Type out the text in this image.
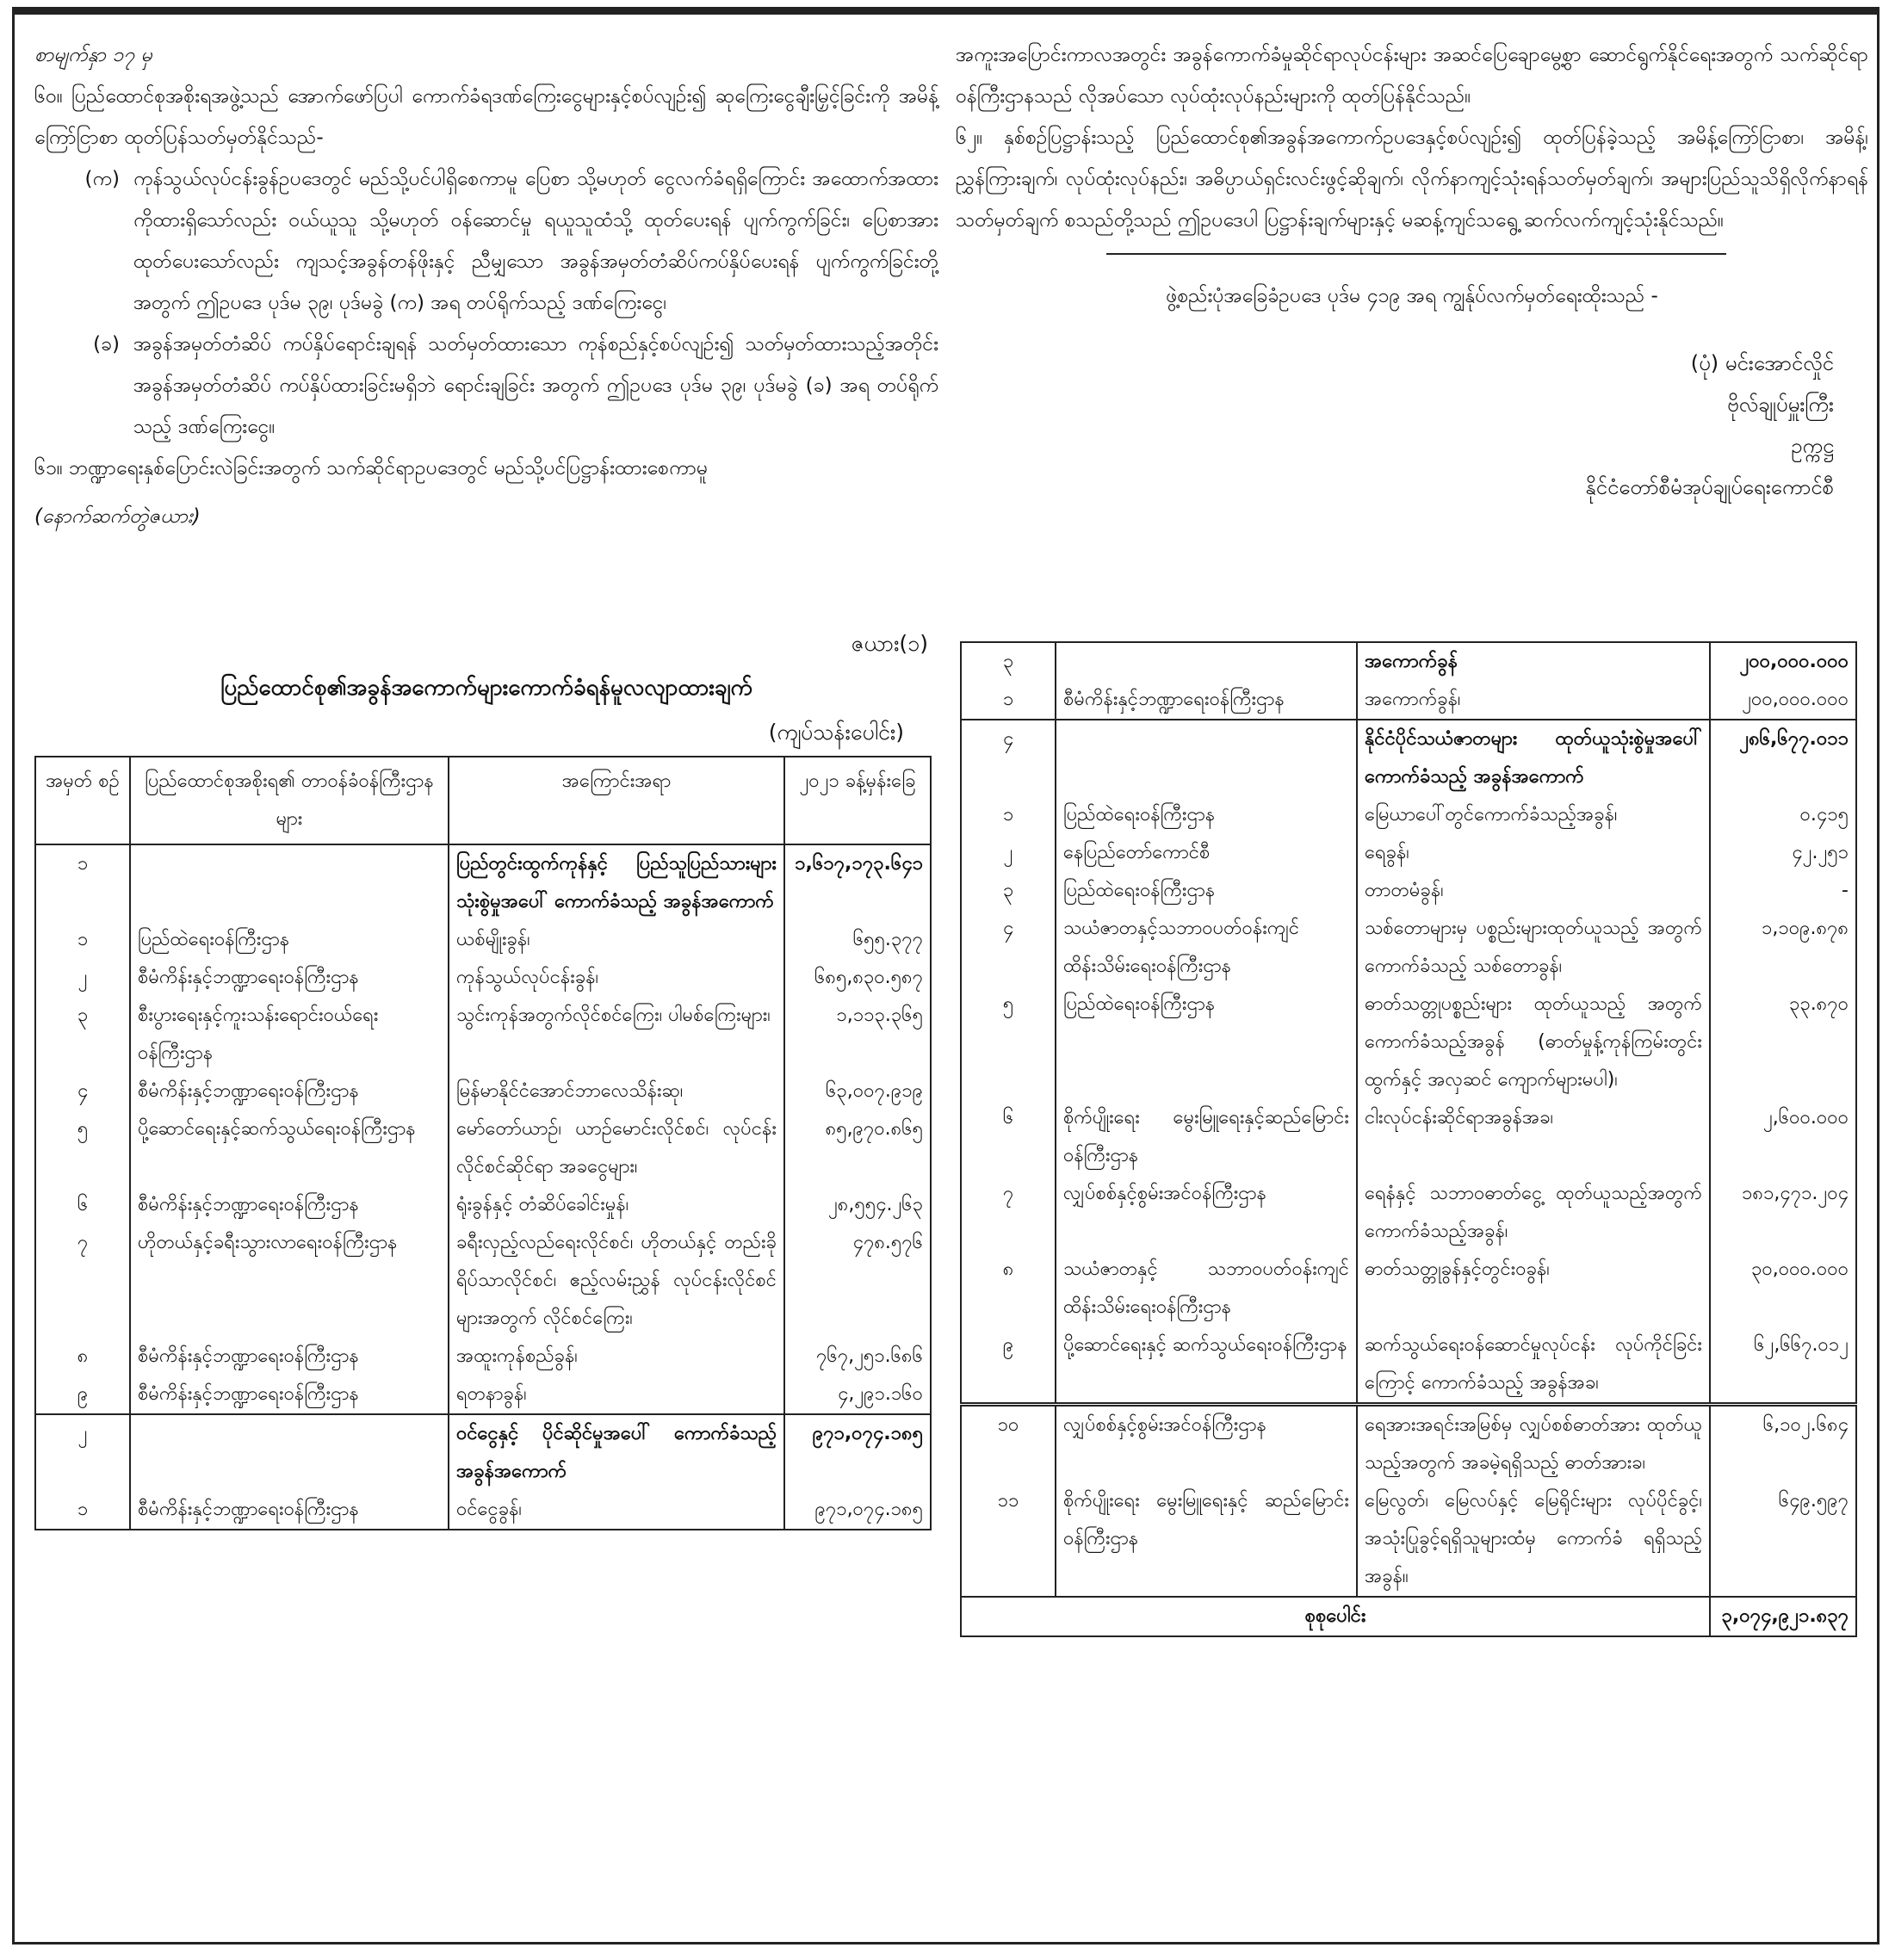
စာမျက်နှာ ၁၇ မှ

၆၀။ ပြည်ထောင်စုအစိုးရအဖွဲ့သည် အောက်ဖော်ပြပါ ကောက်ခံရဒဏ်ကြေးငွေများနှင့်စပ်လျဉ်း၍ ဆုကြေးငွေချီးမြှင့်ခြင်းကို အမိန့်ကြော်ငြာစာ ထုတ်ပြန်သတ်မှတ်နိုင်သည်-

(က) ကုန်သွယ်လုပ်ငန်းခွန်ဥပဒေတွင် မည်သို့ပင်ပါရှိစေကာမူ ပြေစာ သို့မဟုတ် ငွေလက်ခံရရှိကြောင်း အထောက်အထားကိုထားရှိသော်လည်း ဝယ်ယူသူ သို့မဟုတ် ဝန်ဆောင်မှု ရယူသူထံသို့ ထုတ်ပေးရန် ပျက်ကွက်ခြင်း၊ ပြေစာအား ထုတ်ပေးသော်လည်း ကျသင့်အခွန်တန်ဖိုးနှင့် ညီမျှသော အခွန်အမှတ်တံဆိပ်ကပ်နှိပ်ပေးရန် ပျက်ကွက်ခြင်းတို့အတွက် ဤဥပဒေ ပုဒ်မ ၃၉၊ ပုဒ်မခွဲ (က) အရ တပ်ရိုက်သည့် ဒဏ်ကြေးငွေ၊
(ခ) အခွန်အမှတ်တံဆိပ် ကပ်နှိပ်ရောင်းချရန် သတ်မှတ်ထားသော ကုန်စည်နှင့်စပ်လျဉ်း၍ သတ်မှတ်ထားသည့်အတိုင်း အခွန်အမှတ်တံဆိပ် ကပ်နှိပ်ထားခြင်းမရှိဘဲ ရောင်းချခြင်း အတွက် ဤဥပဒေ ပုဒ်မ ၃၉၊ ပုဒ်မခွဲ (ခ) အရ တပ်ရိုက်သည့် ဒဏ်ကြေးငွေ။

၆၁။ ဘဏ္ဍာရေးနှစ်ပြောင်းလဲခြင်းအတွက် သက်ဆိုင်ရာဥပဒေတွင် မည်သို့ပင်ပြဋ္ဌာန်းထားစေကာမူ

(နောက်ဆက်တွဲဇယား)

အကူးအပြောင်းကာလအတွင်း အခွန်ကောက်ခံမှုဆိုင်ရာလုပ်ငန်းများ အဆင်ပြေချောမွေ့စွာ ဆောင်ရွက်နိုင်ရေးအတွက် သက်ဆိုင်ရာဝန်ကြီးဌာနသည် လိုအပ်သော လုပ်ထုံးလုပ်နည်းများကို ထုတ်ပြန်နိုင်သည်။

၆၂။ နှစ်စဉ်ပြဋ္ဌာန်းသည့် ပြည်ထောင်စု၏အခွန်အကောက်ဥပဒေနှင့်စပ်လျဉ်း၍ ထုတ်ပြန်ခဲ့သည့် အမိန့်ကြော်ငြာစာ၊ အမိန့်၊ ညွှန်ကြားချက်၊ လုပ်ထုံးလုပ်နည်း၊ အဓိပ္ပာယ်ရှင်းလင်းဖွင့်ဆိုချက်၊ လိုက်နာကျင့်သုံးရန်သတ်မှတ်ချက်၊ အများပြည်သူသိရှိလိုက်နာရန်သတ်မှတ်ချက် စသည်တို့သည် ဤဥပဒေပါ ပြဋ္ဌာန်းချက်များနှင့် မဆန့်ကျင်သရွေ့ ဆက်လက်ကျင့်သုံးနိုင်သည်။

ဖွဲ့စည်းပုံအခြေခံဥပဒေ ပုဒ်မ ၄၁၉ အရ ကျွန်ုပ်လက်မှတ်ရေးထိုးသည် -

(ပုံ) မင်းအောင်လှိုင်

ဗိုလ်ချုပ်မှူးကြီး

ဥက္ကဋ္ဌ

နိုင်ငံတော်စီမံအုပ်ချုပ်ရေးကောင်စီ

ဇယား(၁)
ပြည်ထောင်စု၏အခွန်အကောက်များကောက်ခံရန်မူလလျာထားချက်
(ကျပ်သန်းပေါင်း)
အမှတ် စဉ်	ပြည်ထောင်စုအစိုးရ၏ တာဝန်ခံဝန်ကြီးဌာနများ	အကြောင်းအရာ	၂၀၂၁ ခန့်မှန်းခြေ
၁		ပြည်တွင်းထွက်ကုန်နှင့် ပြည်သူပြည်သားများသုံးစွဲမှုအပေါ် ကောက်ခံသည့် အခွန်အကောက်	၁,၆၁၇,၁၇၃.၆၄၁
၁	ပြည်ထဲရေးဝန်ကြီးဌာန	ယစ်မျိုးခွန်၊	၆၅၅.၃၇၇
၂	စီမံကိန်းနှင့်ဘဏ္ဍာရေးဝန်ကြီးဌာန	ကုန်သွယ်လုပ်ငန်းခွန်၊	၆၈၅,၈၃၀.၅၈၇
၃	စီးပွားရေးနှင့်ကူးသန်းရောင်းဝယ်ရေးဝန်ကြီးဌာန	သွင်းကုန်အတွက်လိုင်စင်ကြေး၊ ပါမစ်ကြေးများ၊	၁,၁၁၃.၃၆၅
၄	စီမံကိန်းနှင့်ဘဏ္ဍာရေးဝန်ကြီးဌာန	မြန်မာနိုင်ငံအောင်ဘာလေသိန်းဆု၊	၆၃,၀၀၇.၉၁၉
၅	ပို့ဆောင်ရေးနှင့်ဆက်သွယ်ရေးဝန်ကြီးဌာန	မော်တော်ယာဉ်၊ ယာဉ်မောင်းလိုင်စင်၊ လုပ်ငန်းလိုင်စင်ဆိုင်ရာ အခငွေများ၊	၈၅,၉၇၀.၈၆၅
၆	စီမံကိန်းနှင့်ဘဏ္ဍာရေးဝန်ကြီးဌာန	ရုံးခွန်နှင့် တံဆိပ်ခေါင်းမှုန်၊	၂၈,၅၅၄.၂၆၃
၇	ဟိုတယ်နှင့်ခရီးသွားလာရေးဝန်ကြီးဌာန	ခရီးလှည့်လည်ရေးလိုင်စင်၊ ဟိုတယ်နှင့် တည်းခိုရိပ်သာလိုင်စင်၊ ဧည့်လမ်းညွှန် လုပ်ငန်းလိုင်စင်များအတွက် လိုင်စင်ကြေး၊	၄၇၈.၅၇၆
၈	စီမံကိန်းနှင့်ဘဏ္ဍာရေးဝန်ကြီးဌာန	အထူးကုန်စည်ခွန်၊	၇၆၇,၂၅၁.၆၈၆
၉	စီမံကိန်းနှင့်ဘဏ္ဍာရေးဝန်ကြီးဌာန	ရတနာခွန်၊	၄,၂၉၁.၁၆၀
၂		ဝင်ငွေနှင့် ပိုင်ဆိုင်မှုအပေါ် ကောက်ခံသည့် အခွန်အကောက်	၉၇၁,၀၇၄.၁၈၅
၁	စီမံကိန်းနှင့်ဘဏ္ဍာရေးဝန်ကြီးဌာန	ဝင်ငွေခွန်၊	၉၇၁,၀၇၄.၁၈၅
၃		အကောက်ခွန်	၂၀၀,၀၀၀.၀၀၀
၁	စီမံကိန်းနှင့်ဘဏ္ဍာရေးဝန်ကြီးဌာန	အကောက်ခွန်၊	၂၀၀,၀၀၀.၀၀၀
၄		နိုင်ငံပိုင်သယံဇာတများ ထုတ်ယူသုံးစွဲမှုအပေါ်ကောက်ခံသည့် အခွန်အကောက်	၂၈၆,၆၇၇.၀၁၁
၁	ပြည်ထဲရေးဝန်ကြီးဌာန	မြေယာပေါ်တွင်ကောက်ခံသည့်အခွန်၊	၀.၄၁၅
၂	နေပြည်တော်ကောင်စီ	ရေခွန်၊	၄၂.၂၅၁
၃	ပြည်ထဲရေးဝန်ကြီးဌာန	တာတမံခွန်၊	-
၄	သယံဇာတနှင့်သဘာဝပတ်ဝန်းကျင်ထိန်းသိမ်းရေးဝန်ကြီးဌာန	သစ်တောများမှ ပစ္စည်းများထုတ်ယူသည့် အတွက် ကောက်ခံသည့် သစ်တောခွန်၊	၁,၁၀၉.၈၇၈
၅	ပြည်ထဲရေးဝန်ကြီးဌာန	ဓာတ်သတ္တုပစ္စည်းများ ထုတ်ယူသည့် အတွက် ကောက်ခံသည့်အခွန် (ဓာတ်မှုန့်ကုန်ကြမ်းတွင်းထွက်နှင့် အလှဆင် ကျောက်များမပါ)၊	၃၃.၈၇၀
၆	စိုက်ပျိုးရေး မွေးမြူရေးနှင့်ဆည်မြောင်းဝန်ကြီးဌာန	ငါးလုပ်ငန်းဆိုင်ရာအခွန်အခ၊	၂,၆၀၀.၀၀၀
၇	လျှပ်စစ်နှင့်စွမ်းအင်ဝန်ကြီးဌာန	ရေနံနှင့် သဘာဝဓာတ်ငွေ့ ထုတ်ယူသည့်အတွက် ကောက်ခံသည့်အခွန်၊	၁၈၁,၄၇၁.၂၀၄
၈	သယံဇာတနှင့် သဘာဝပတ်ဝန်းကျင်ထိန်းသိမ်းရေးဝန်ကြီးဌာန	ဓာတ်သတ္တုခွန်နှင့်တွင်းဝခွန်၊	၃၀,၀၀၀.၀၀၀
၉	ပို့ဆောင်ရေးနှင့် ဆက်သွယ်ရေးဝန်ကြီးဌာန	ဆက်သွယ်ရေးဝန်ဆောင်မှုလုပ်ငန်း လုပ်ကိုင်ခြင်းကြောင့် ကောက်ခံသည့် အခွန်အခ၊	၆၂,၆၆၇.၀၁၂
၁၀	လျှပ်စစ်နှင့်စွမ်းအင်ဝန်ကြီးဌာန	ရေအားအရင်းအမြစ်မှ လျှပ်စစ်ဓာတ်အား ထုတ်ယူသည့်အတွက် အခမဲ့ရရှိသည့် ဓာတ်အားခ၊	၆,၁၀၂.၆၈၄
၁၁	စိုက်ပျိုးရေး မွေးမြူရေးနှင့် ဆည်မြောင်းဝန်ကြီးဌာန	မြေလွတ်၊ မြေလပ်နှင့် မြေရိုင်းများ လုပ်ပိုင်ခွင့်၊ အသုံးပြုခွင့်ရရှိသူများထံမှ ကောက်ခံ ရရှိသည့်အခွန်။	၆၄၉.၅၉၇
စုစုပေါင်း			၃,၀၇၄,၉၂၁.၈၃၇
